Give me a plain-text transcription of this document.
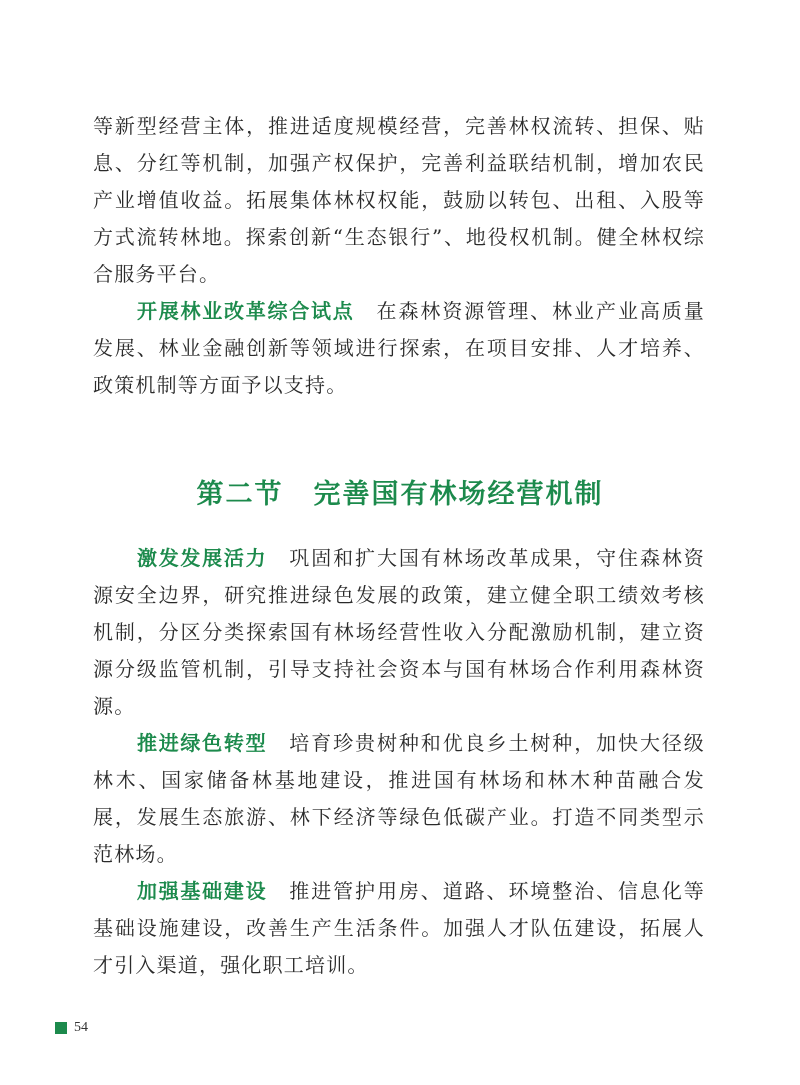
等新型经营主体，推进适度规模经营，完善林权流转、担保、贴息、分红等机制，加强产权保护，完善利益联结机制，增加农民产业增值收益。拓展集体林权权能，鼓励以转包、出租、入股等方式流转林地。探索创新“生态银行”、地役权机制。健全林权综合服务平台。

开展林业改革综合试点 在森林资源管理、林业产业高质量发展、林业金融创新等领域进行探索，在项目安排、人才培养、政策机制等方面予以支持。

第二节 完善国有林场经营机制

激发发展活力 巩固和扩大国有林场改革成果，守住森林资源安全边界，研究推进绿色发展的政策，建立健全职工绩效考核机制，分区分类探索国有林场经营性收入分配激励机制，建立资源分级监管机制，引导支持社会资本与国有林场合作利用森林资源。

推进绿色转型 培育珍贵树种和优良乡土树种，加快大径级林木、国家储备林基地建设，推进国有林场和林木种苗融合发展，发展生态旅游、林下经济等绿色低碳产业。打造不同类型示范林场。

加强基础建设 推进管护用房、道路、环境整治、信息化等基础设施建设，改善生产生活条件。加强人才队伍建设，拓展人才引入渠道，强化职工培训。

54
